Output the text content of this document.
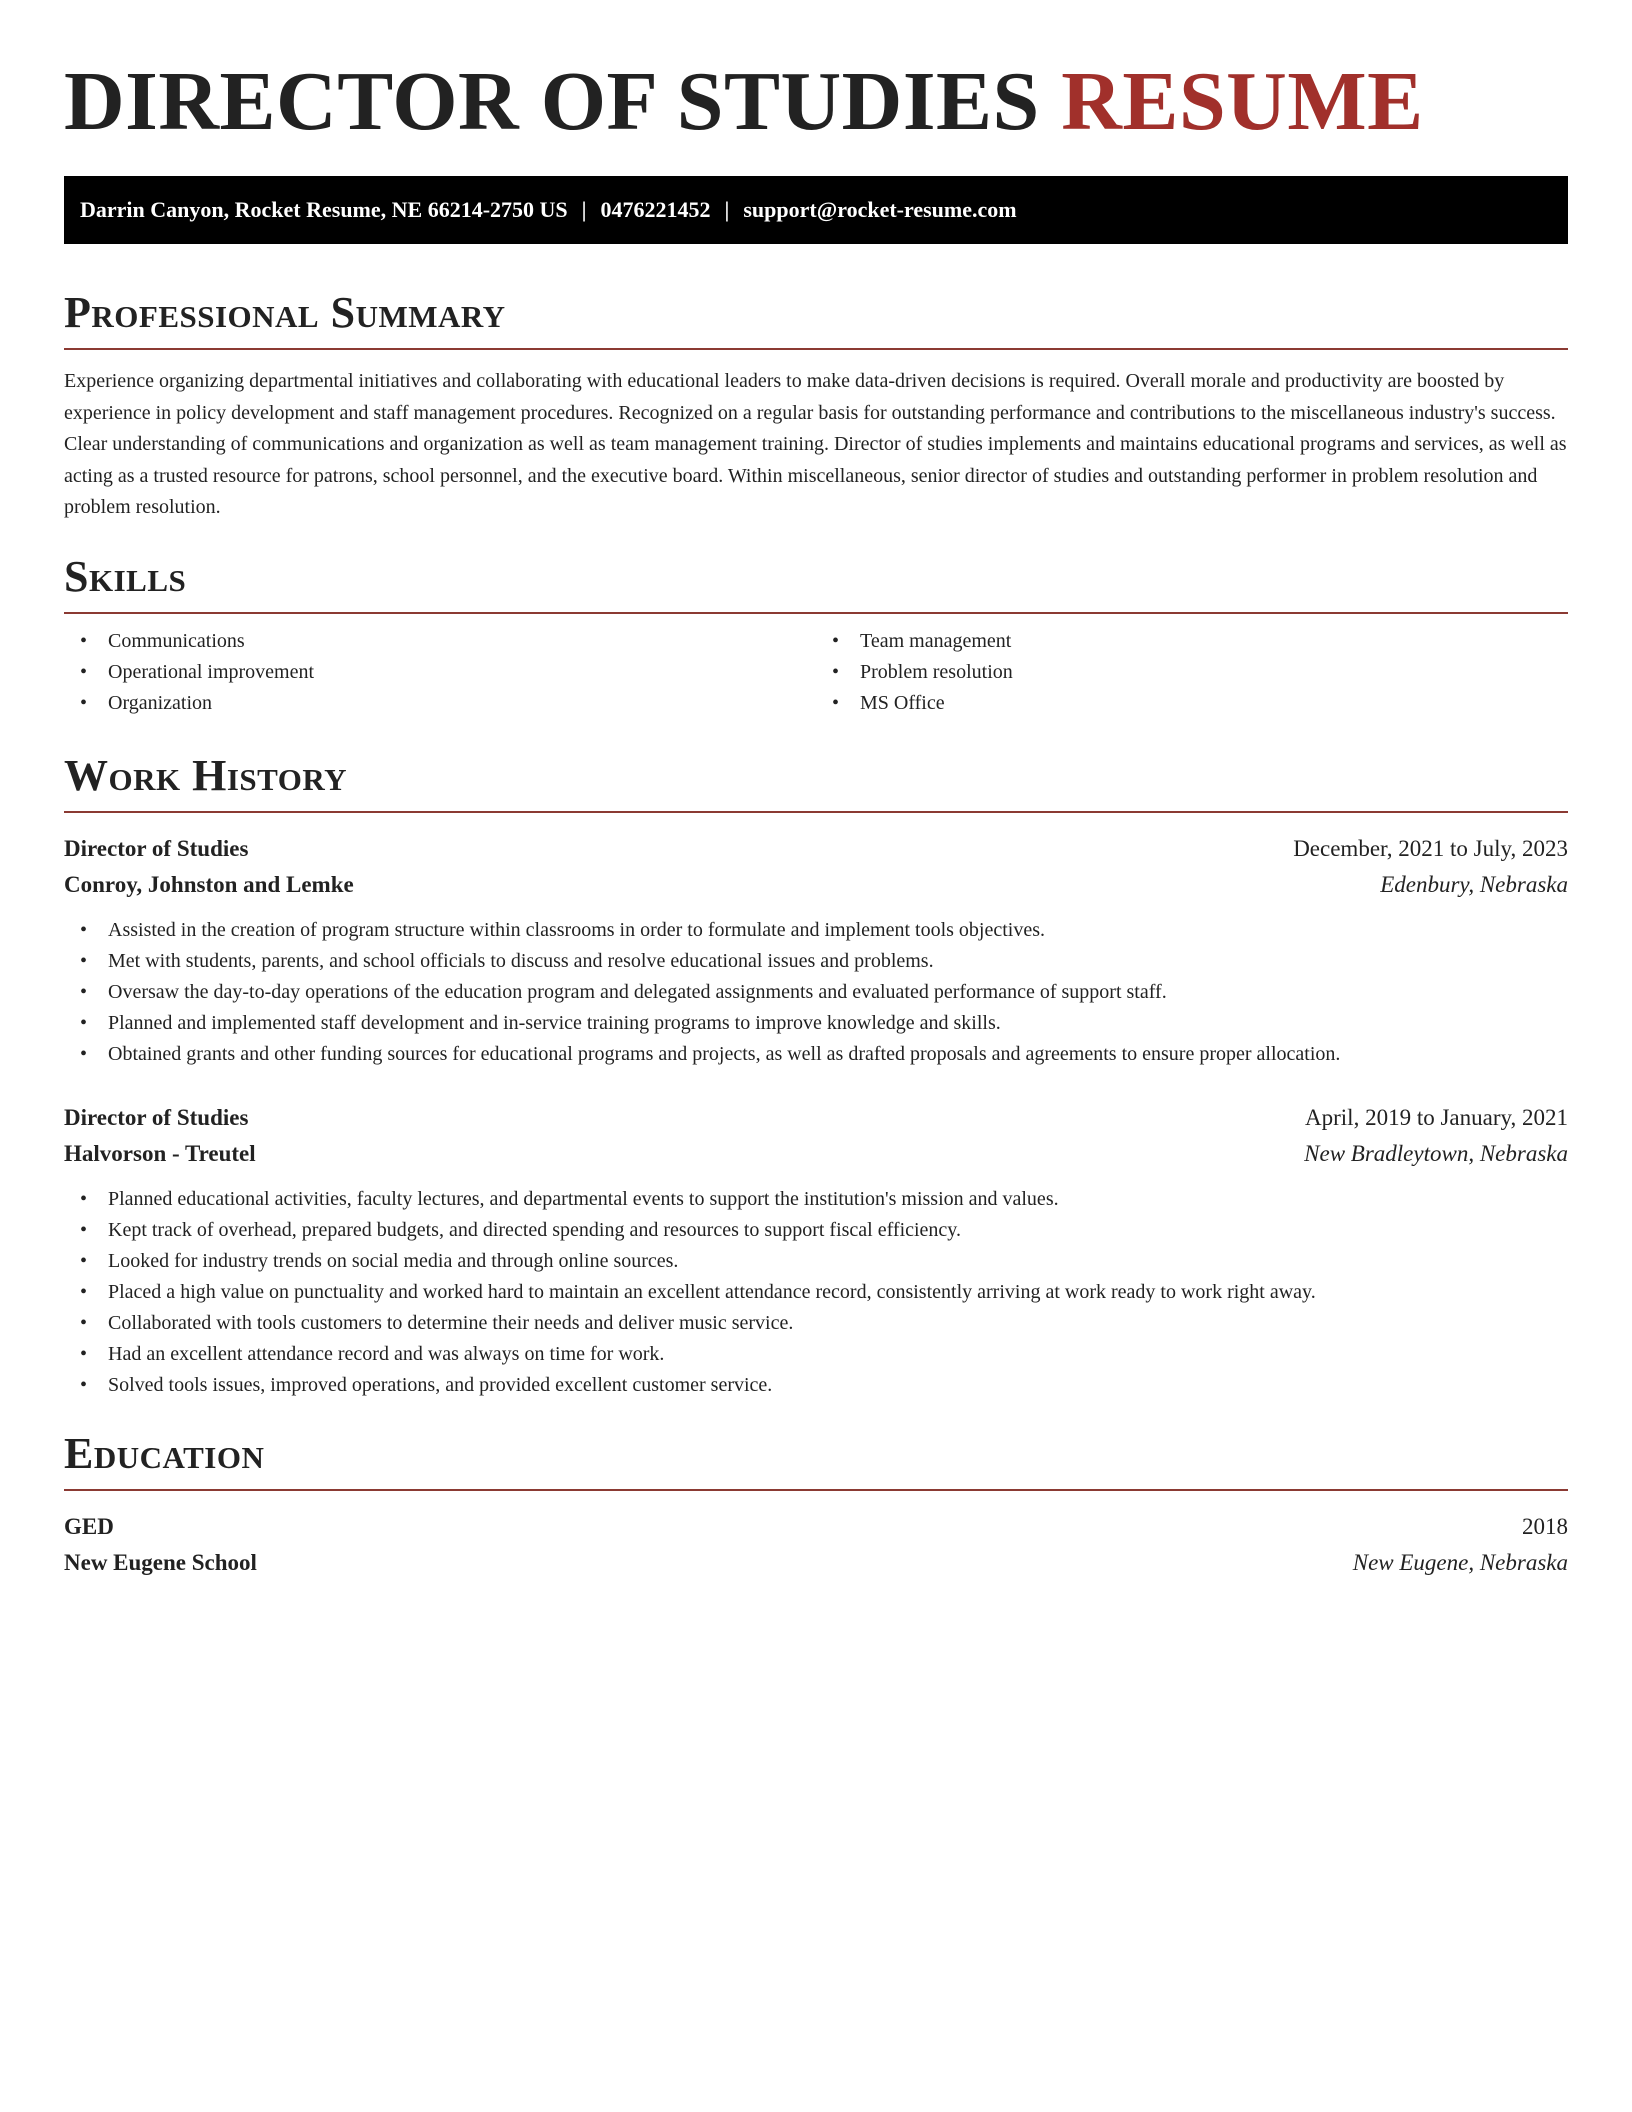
DIRECTOR OF STUDIES RESUME
Darrin Canyon, Rocket Resume, NE 66214-2750 US | 0476221452 | support@rocket-resume.com
Professional Summary

Experience organizing departmental initiatives and collaborating with educational leaders to make data-driven decisions is required. Overall morale and productivity are boosted by experience in policy development and staff management procedures. Recognized on a regular basis for outstanding performance and contributions to the miscellaneous industry's success. Clear understanding of communications and organization as well as team management training. Director of studies implements and maintains educational programs and services, as well as acting as a trusted resource for patrons, school personnel, and the executive board. Within miscellaneous, senior director of studies and outstanding performer in problem resolution and problem resolution.

Skills
• Communications
• Operational improvement
• Organization
• Team management
• Problem resolution
• MS Office
Work History
Director of Studies	December, 2021 to July, 2023
Conroy, Johnston and Lemke	Edenbury, Nebraska
• Assisted in the creation of program structure within classrooms in order to formulate and implement tools objectives.
• Met with students, parents, and school officials to discuss and resolve educational issues and problems.
• Oversaw the day-to-day operations of the education program and delegated assignments and evaluated performance of support staff.
• Planned and implemented staff development and in-service training programs to improve knowledge and skills.
• Obtained grants and other funding sources for educational programs and projects, as well as drafted proposals and agreements to ensure proper allocation.
Director of Studies	April, 2019 to January, 2021
Halvorson - Treutel	New Bradleytown, Nebraska
• Planned educational activities, faculty lectures, and departmental events to support the institution's mission and values.
• Kept track of overhead, prepared budgets, and directed spending and resources to support fiscal efficiency.
• Looked for industry trends on social media and through online sources.
• Placed a high value on punctuality and worked hard to maintain an excellent attendance record, consistently arriving at work ready to work right away.
• Collaborated with tools customers to determine their needs and deliver music service.
• Had an excellent attendance record and was always on time for work.
• Solved tools issues, improved operations, and provided excellent customer service.
Education
GED	2018
New Eugene School	New Eugene, Nebraska
